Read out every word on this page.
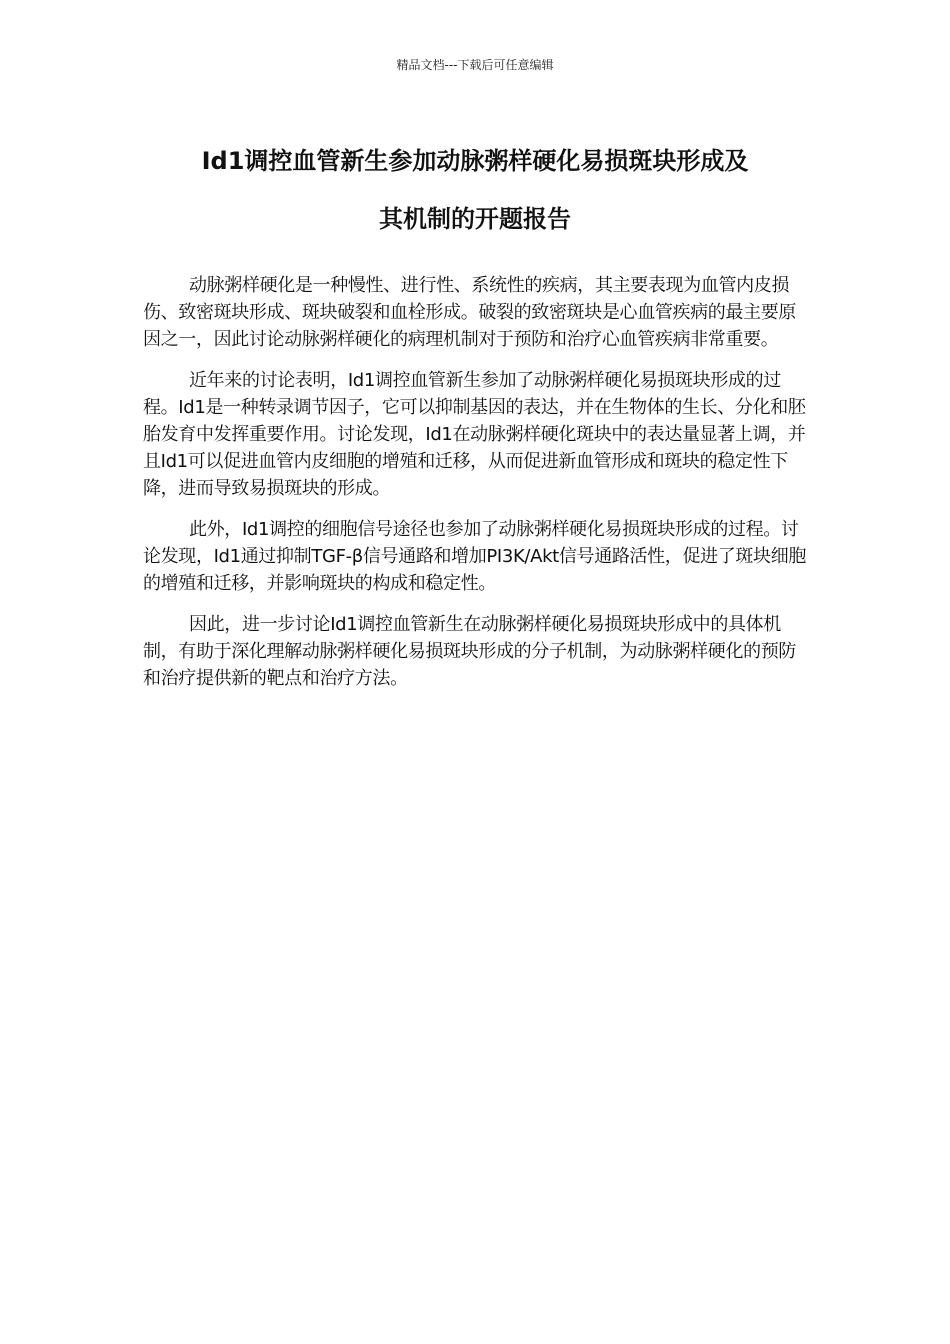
精品文档---下载后可任意编辑
Id1调控血管新生参加动脉粥样硬化易损斑块形成及
其机制的开题报告

动脉粥样硬化是一种慢性、进行性、系统性的疾病，其主要表现为血管内皮损伤、致密斑块形成、斑块破裂和血栓形成。破裂的致密斑块是心血管疾病的最主要原因之一，因此讨论动脉粥样硬化的病理机制对于预防和治疗心血管疾病非常重要。

近年来的讨论表明，Id1调控血管新生参加了动脉粥样硬化易损斑块形成的过程。Id1是一种转录调节因子，它可以抑制基因的表达，并在生物体的生长、分化和胚胎发育中发挥重要作用。讨论发现，Id1在动脉粥样硬化斑块中的表达量显著上调，并且Id1可以促进血管内皮细胞的增殖和迁移，从而促进新血管形成和斑块的稳定性下降，进而导致易损斑块的形成。

此外，Id1调控的细胞信号途径也参加了动脉粥样硬化易损斑块形成的过程。讨论发现，Id1通过抑制TGF-β信号通路和增加PI3K/Akt信号通路活性，促进了斑块细胞的增殖和迁移，并影响斑块的构成和稳定性。

因此，进一步讨论Id1调控血管新生在动脉粥样硬化易损斑块形成中的具体机制，有助于深化理解动脉粥样硬化易损斑块形成的分子机制，为动脉粥样硬化的预防和治疗提供新的靶点和治疗方法。
